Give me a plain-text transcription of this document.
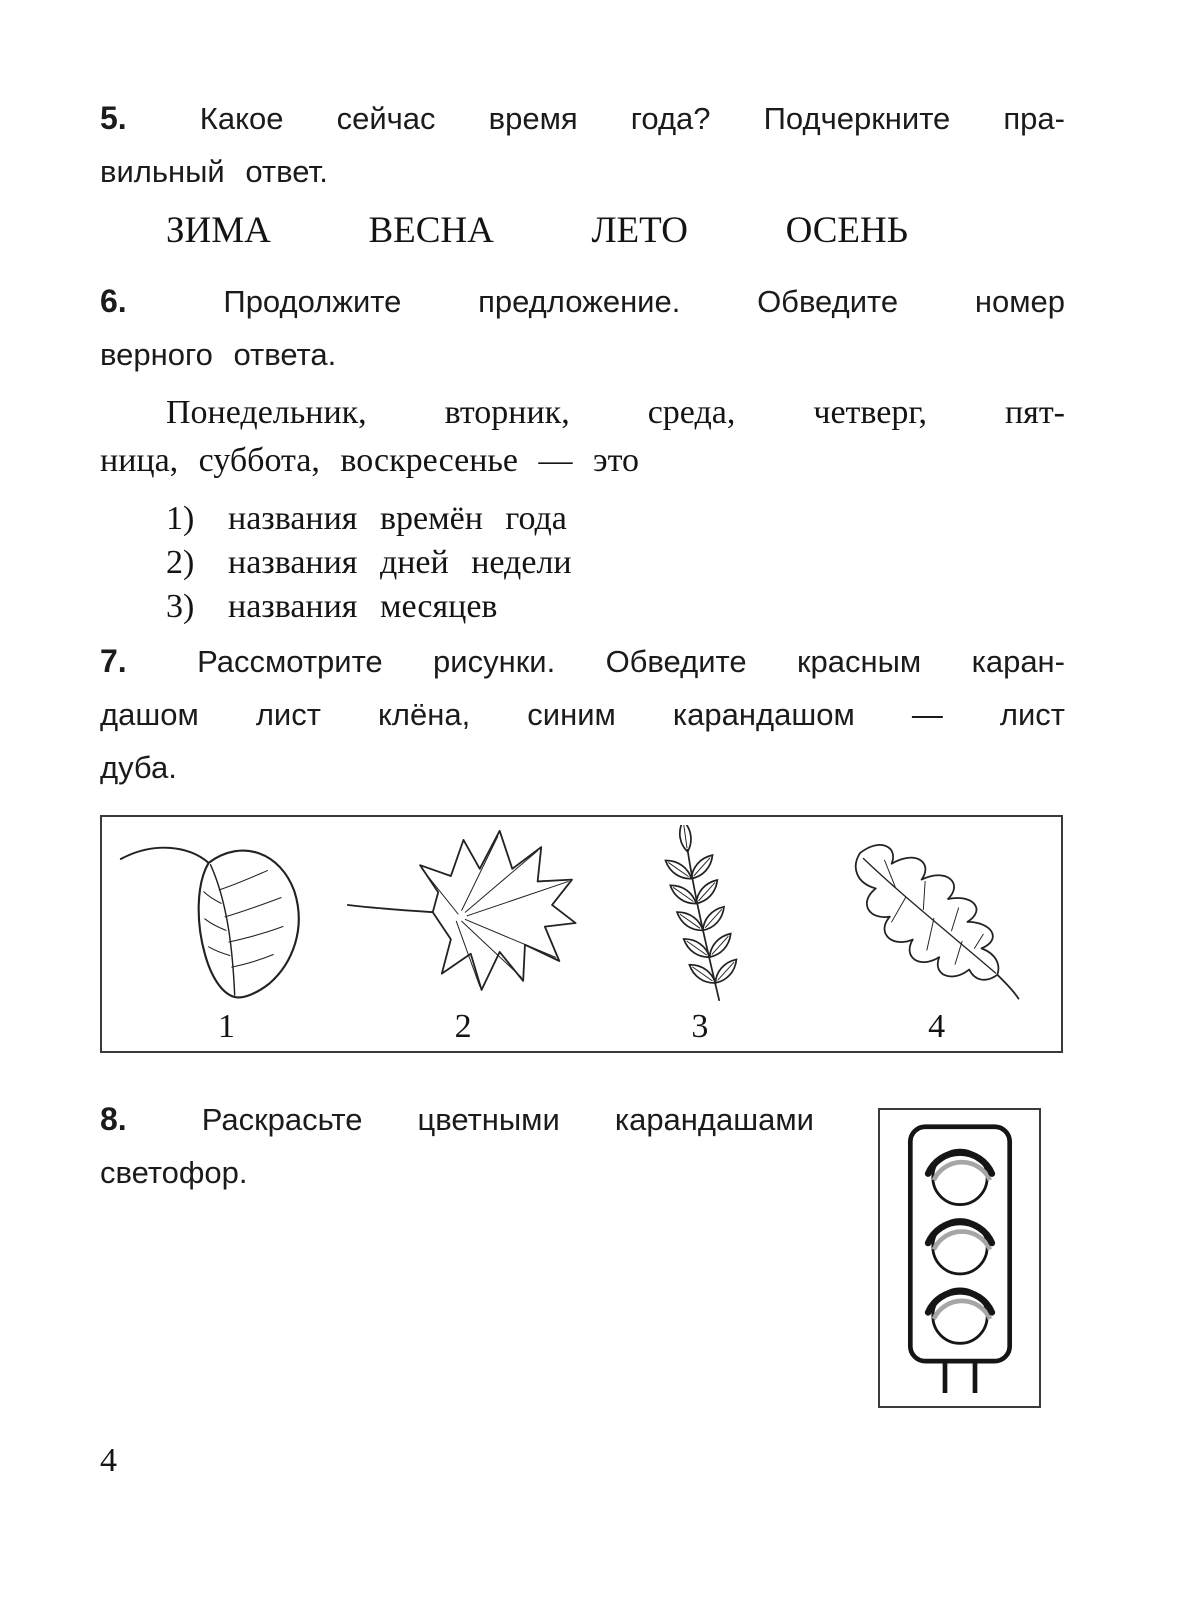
5. Какое сейчас время года? Подчеркните пра-
вильный ответ.
ЗИМА	ВЕСНА	ЛЕТО	ОСЕНЬ
6.	Продолжите предложение. Обведите номер
верного ответа.
Понедельник, вторник, среда, четверг, пят-
ница, суббота, воскресенье — это
1) названия времён года
2) названия дней недели
3) названия месяцев
7. Рассмотрите рисунки. Обведите красным каран-
дашом лист клёна, синим карандашом — лист
дуба.
1	2	3	4
8. Раскрасьте цветными карандашами
светофор.
4
